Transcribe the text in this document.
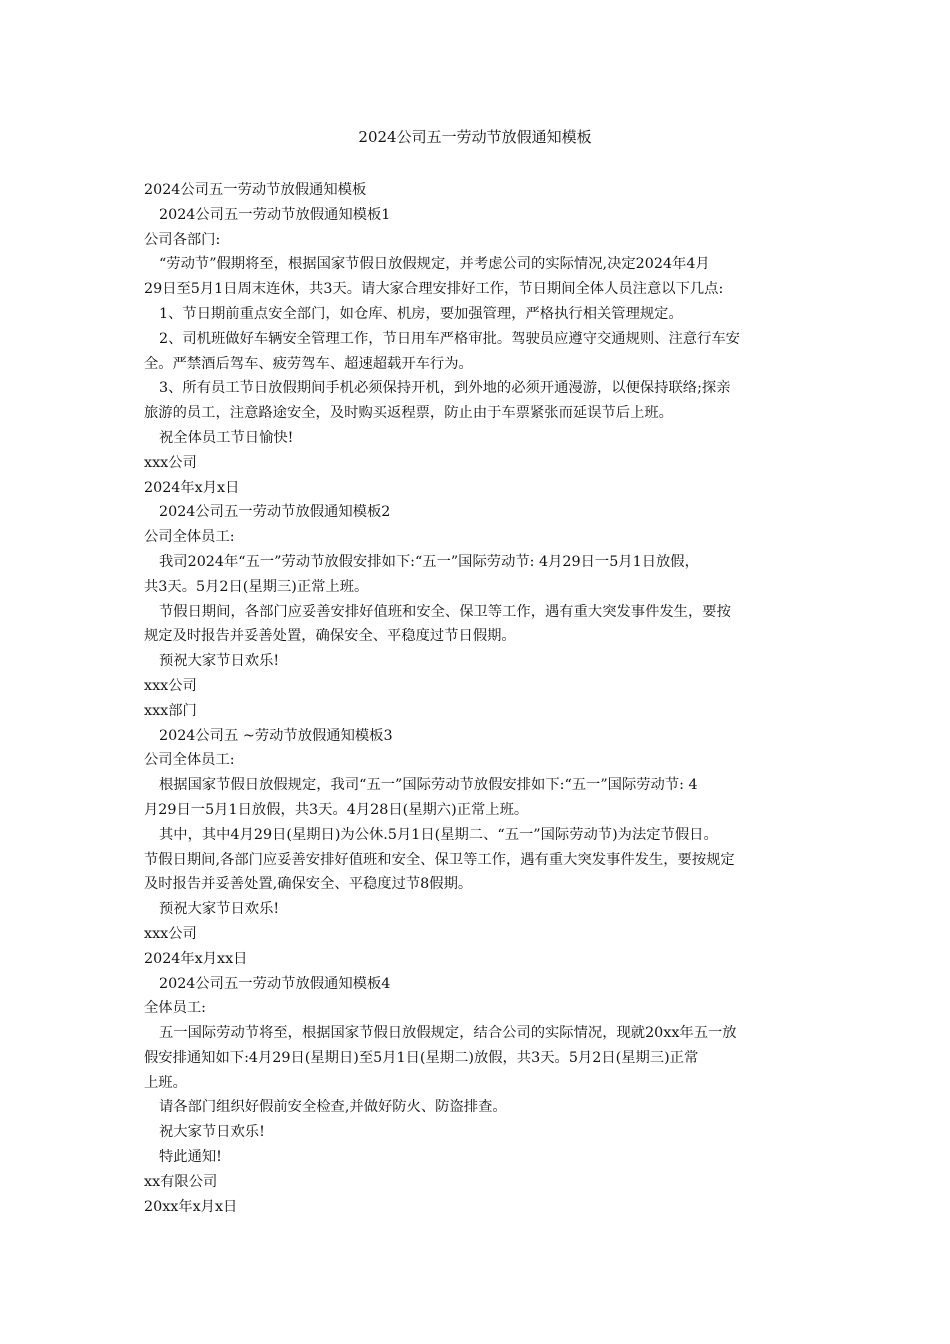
2024公司五一劳动节放假通知模板

2024公司五一劳动节放假通知模板

2024公司五一劳动节放假通知模板1

公司各部门:

“劳动节”假期将至，根据国家节假日放假规定，并考虑公司的实际情况,决定2024年4月

29日至5月1日周末连休，共3天。请大家合理安排好工作，节日期间全体人员注意以下几点:

1、节日期前重点安全部门，如仓库、机房，要加强管理，严格执行相关管理规定。

2、司机班做好车辆安全管理工作，节日用车严格审批。驾驶员应遵守交通规则、注意行车安

全。严禁酒后驾车、疲劳驾车、超速超载开车行为。

3、所有员工节日放假期间手机必须保持开机，到外地的必须开通漫游，以便保持联络;探亲

旅游的员工，注意路途安全，及时购买返程票，防止由于车票紧张而延误节后上班。

祝全体员工节日愉快!

xxx公司

2024年x月x日

2024公司五一劳动节放假通知模板2

公司全体员工:

我司2024年“五一”劳动节放假安排如下:“五一”国际劳动节: 4月29日一5月1日放假，

共3天。5月2日(星期三)正常上班。

节假日期间，各部门应妥善安排好值班和安全、保卫等工作，遇有重大突发事件发生，要按

规定及时报告并妥善处置，确保安全、平稳度过节日假期。

预祝大家节日欢乐!

xxx公司

xxx部门

2024公司五 ~劳动节放假通知模板3

公司全体员工:

根据国家节假日放假规定，我司“五一”国际劳动节放假安排如下:“五一”国际劳动节: 4

月29日一5月1日放假，共3天。4月28日(星期六)正常上班。

其中，其中4月29日(星期日)为公休.5月1日(星期二、“五一”国际劳动节)为法定节假日。

节假日期间,各部门应妥善安排好值班和安全、保卫等工作，遇有重大突发事件发生，要按规定

及时报告并妥善处置,确保安全、平稳度过节8假期。

预祝大家节日欢乐!

xxx公司

2024年x月xx日

2024公司五一劳动节放假通知模板4

全体员工:

五一国际劳动节将至，根据国家节假日放假规定，结合公司的实际情况，现就20xx年五一放

假安排通知如下:4月29日(星期日)至5月1日(星期二)放假，共3天。5月2日(星期三)正常

上班。

请各部门组织好假前安全检查,并做好防火、防盗排查。

祝大家节日欢乐!

特此通知!

xx有限公司

20xx年x月x日
